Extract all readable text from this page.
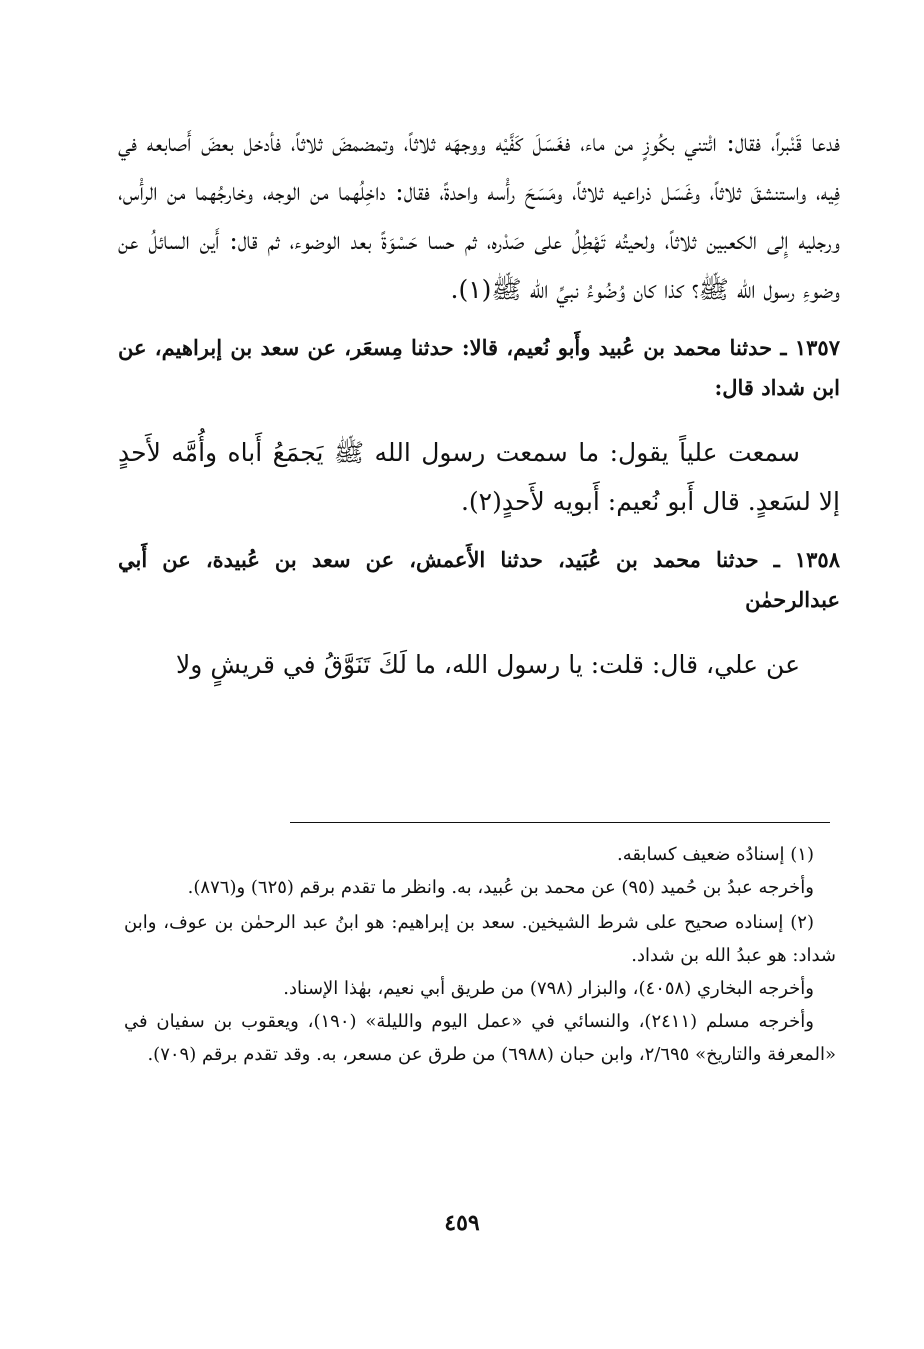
فدعا قَنْبراً، فقال: ائْتني بكُوزٍ من ماء، فغَسَلَ كَفَّيْه ووجهَه ثلاثاً، وتمضمضَ ثلاثاً، فأدخل بعضَ أَصابعه في فِيه، واستنشقَ ثلاثاً، وغَسَل ذراعيه ثلاثاً، ومَسَحَ رأْسه واحدةً، فقال: داخِلُهما من الوجه، وخارجُهما من الرأْس، ورجليه إِلى الكعبين ثلاثاً، ولحيتُه تَهْطِلُ على صَدْره، ثم حسا حَسْوَةً بعد الوضوء، ثم قال: أَين السائلُ عن وضوءِ رسول الله ﷺ؟ كذا كان وُضُوءُ نبيِّ الله ﷺ(١).

١٣٥٧ ـ حدثنا محمد بن عُبيد وأَبو نُعيم، قالا: حدثنا مِسعَر، عن سعد بن إبراهيم، عن ابن شداد قال:

سمعت علياً يقول: ما سمعت رسول الله ﷺ يَجمَعُ أَباه وأُمَّه لأَحدٍ إلا لسَعدٍ. قال أَبو نُعيم: أَبويه لأَحدٍ(٢).

١٣٥٨ ـ حدثنا محمد بن عُبَيد، حدثنا الأَعمش، عن سعد بن عُبيدة، عن أَبي عبدالرحمٰن

عن علي، قال: قلت: يا رسول الله، ما لَكَ تَنَوَّقُ في قريشٍ ولا

(١) إسنادُه ضعيف كسابقه.

وأخرجه عبدُ بن حُميد (٩٥) عن محمد بن عُبيد، به. وانظر ما تقدم برقم (٦٢٥) و(٨٧٦).

(٢) إسناده صحيح على شرط الشيخين. سعد بن إبراهيم: هو ابنُ عبد الرحمٰن بن عوف، وابن شداد: هو عبدُ الله بن شداد.

وأخرجه البخاري (٤٠٥٨)، والبزار (٧٩٨) من طريق أبي نعيم، بهٰذا الإسناد.

وأخرجه مسلم (٢٤١١)، والنسائي في «عمل اليوم والليلة» (١٩٠)، ويعقوب بن سفيان في «المعرفة والتاريخ» ٢/٦٩٥، وابن حبان (٦٩٨٨) من طرق عن مسعر، به. وقد تقدم برقم (٧٠٩).

٤٥٩
